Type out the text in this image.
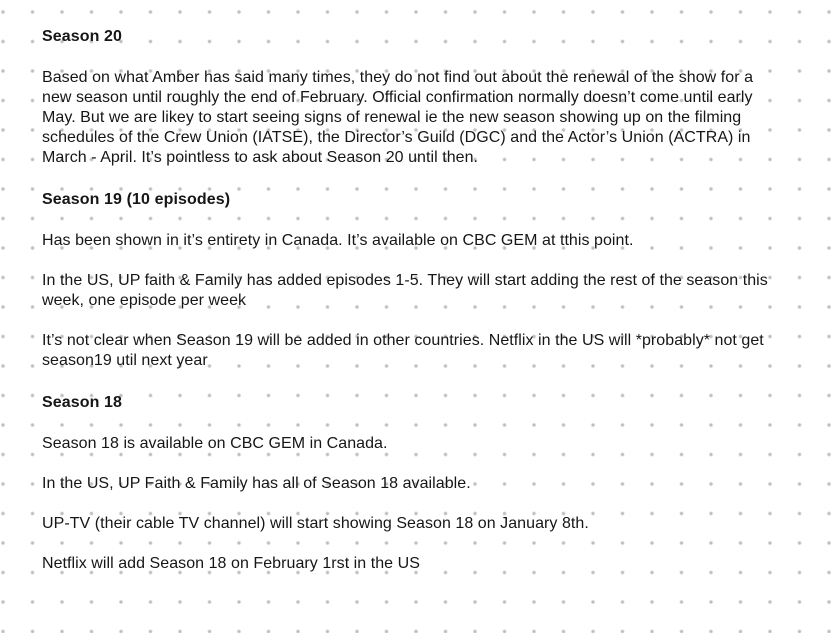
Season 20

Based on what Amber has said many times, they do not find out about the renewal of the show for a new season until roughly the end of February. Official confirmation normally doesn’t come until early May. But we are likey to start seeing signs of renewal ie the new season showing up on the filming schedules of the Crew Union (IATSE), the Director’s Guild (DGC) and the Actor’s Union (ACTRA) in March - April. It’s pointless to ask about Season 20 until then.

Season 19 (10 episodes)

Has been shown in it’s entirety in Canada. It’s available on CBC GEM at tthis point.

In the US, UP faith & Family has added episodes 1-5. They will start adding the rest of the season this week, one episode per week

It’s not clear when Season 19 will be added in other countries. Netflix in the US will *probably* not get season19 util next year

Season 18

Season 18 is available on CBC GEM in Canada.

In the US, UP Faith & Family has all of Season 18 available.

UP-TV (their cable TV channel) will start showing Season 18 on January 8th.

Netflix will add Season 18 on February 1rst in the US
